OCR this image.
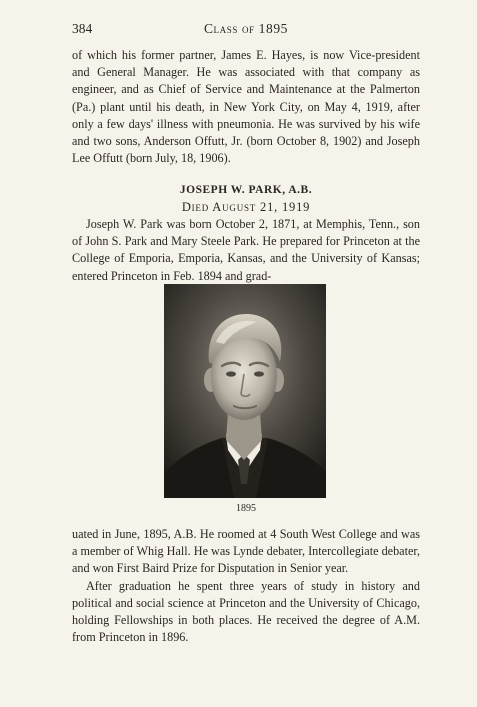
384	Class of 1895

of which his former partner, James E. Hayes, is now Vice-president and General Manager. He was associated with that company as engineer, and as Chief of Service and Maintenance at the Palmerton (Pa.) plant until his death, in New York City, on May 4, 1919, after only a few days' illness with pneumonia. He was survived by his wife and two sons, Anderson Offutt, Jr. (born October 8, 1902) and Joseph Lee Offutt (born July, 18, 1906).

JOSEPH W. PARK, A.B.
Died August 21, 1919

Joseph W. Park was born October 2, 1871, at Memphis, Tenn., son of John S. Park and Mary Steele Park. He prepared for Princeton at the College of Emporia, Emporia, Kansas, and the University of Kansas; entered Princeton in Feb. 1894 and grad-

1895

uated in June, 1895, A.B. He roomed at 4 South West College and was a member of Whig Hall. He was Lynde debater, Intercollegiate debater, and won First Baird Prize for Disputation in Senior year.

After graduation he spent three years of study in history and political and social science at Princeton and the University of Chicago, holding Fellowships in both places. He received the degree of A.M. from Princeton in 1896.
